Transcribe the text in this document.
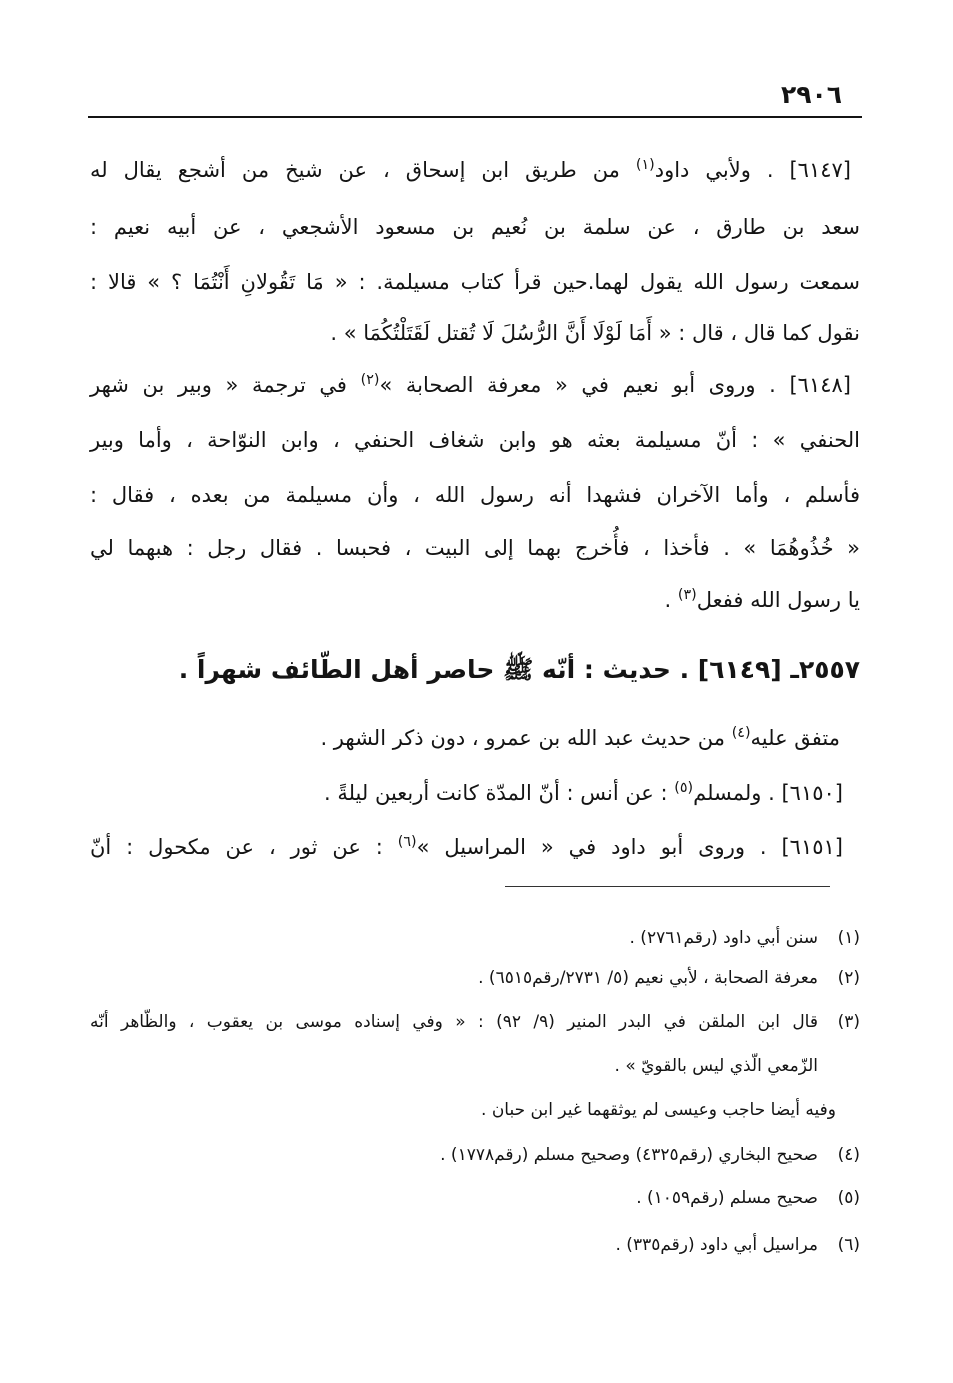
٢٩٠٦
[٦١٤٧] . ولأبي داود$^{(١)}$ من طريق ابن إسحاق ، عن شيخ من أشجع يقال له
سعد بن طارق ، عن سلمة بن نُعيم بن مسعود الأشجعي ، عن أبيه نعيم :
سمعت رسول الله يقول لهما.حين قرأ كتاب مسيلمة. : « مَا تَقُولانِ أَنْتُمَا ؟ » قالا :
نقول كما قال ، قال : « أَمَا لَوْلَا أَنَّ الرُّسُلَ لَا تُقتل لَقَتَلْتُكُمَا » .
[٦١٤٨] . وروى أبو نعيم في « معرفة الصحابة »$^{(٢)}$ في ترجمة « وبير بن شهر
الحنفي » : أنّ مسيلمة بعثه هو وابن شغاف الحنفي ، وابن النوّاحة ، وأما وبير
فأسلم ، وأما الآخران فشهدا أنه رسول الله ، وأن مسيلمة من بعده ، فقال :
« خُذُوهُمَا » . فأخذا ، فأُخرج بهما إلى البيت ، فحبسا . فقال رجل : هبهما لي
يا رسول الله ففعل$^{(٣)}$ .
٢٥٥٧ـ [٦١٤٩] . حديث : أنّه ﷺ حاصر أهل الطّائف شهراً .
متفق عليه$^{(٤)}$ من حديث عبد الله بن عمرو ، دون ذكر الشهر .
[٦١٥٠] . ولمسلم$^{(٥)}$ : عن أنس : أنّ المدّة كانت أربعين ليلةً .
[٦١٥١] . وروى أبو داود في « المراسيل »$^{(٦)}$ : عن ثور ، عن مكحول : أنّ
(١)
سنن أبي داود (رقم٢٧٦١) .
(٢)
معرفة الصحابة ، لأبي نعيم (٥/ ٢٧٣١/رقم٦٥١٥) .
(٣)
قال ابن الملقن في البدر المنير (٩/ ٩٢) : « وفي إسناده موسى بن يعقوب ، والظّاهر أنّه
الزّمعي الّذي ليس بالقويّ » .
وفيه أيضا حاجب وعيسى لم يوثقهما غير ابن حبان .
(٤)
صحيح البخاري (رقم٤٣٢٥) وصحيح مسلم (رقم١٧٧٨) .
(٥)
صحيح مسلم (رقم١٠٥٩) .
(٦)
مراسيل أبي داود (رقم٣٣٥) .
